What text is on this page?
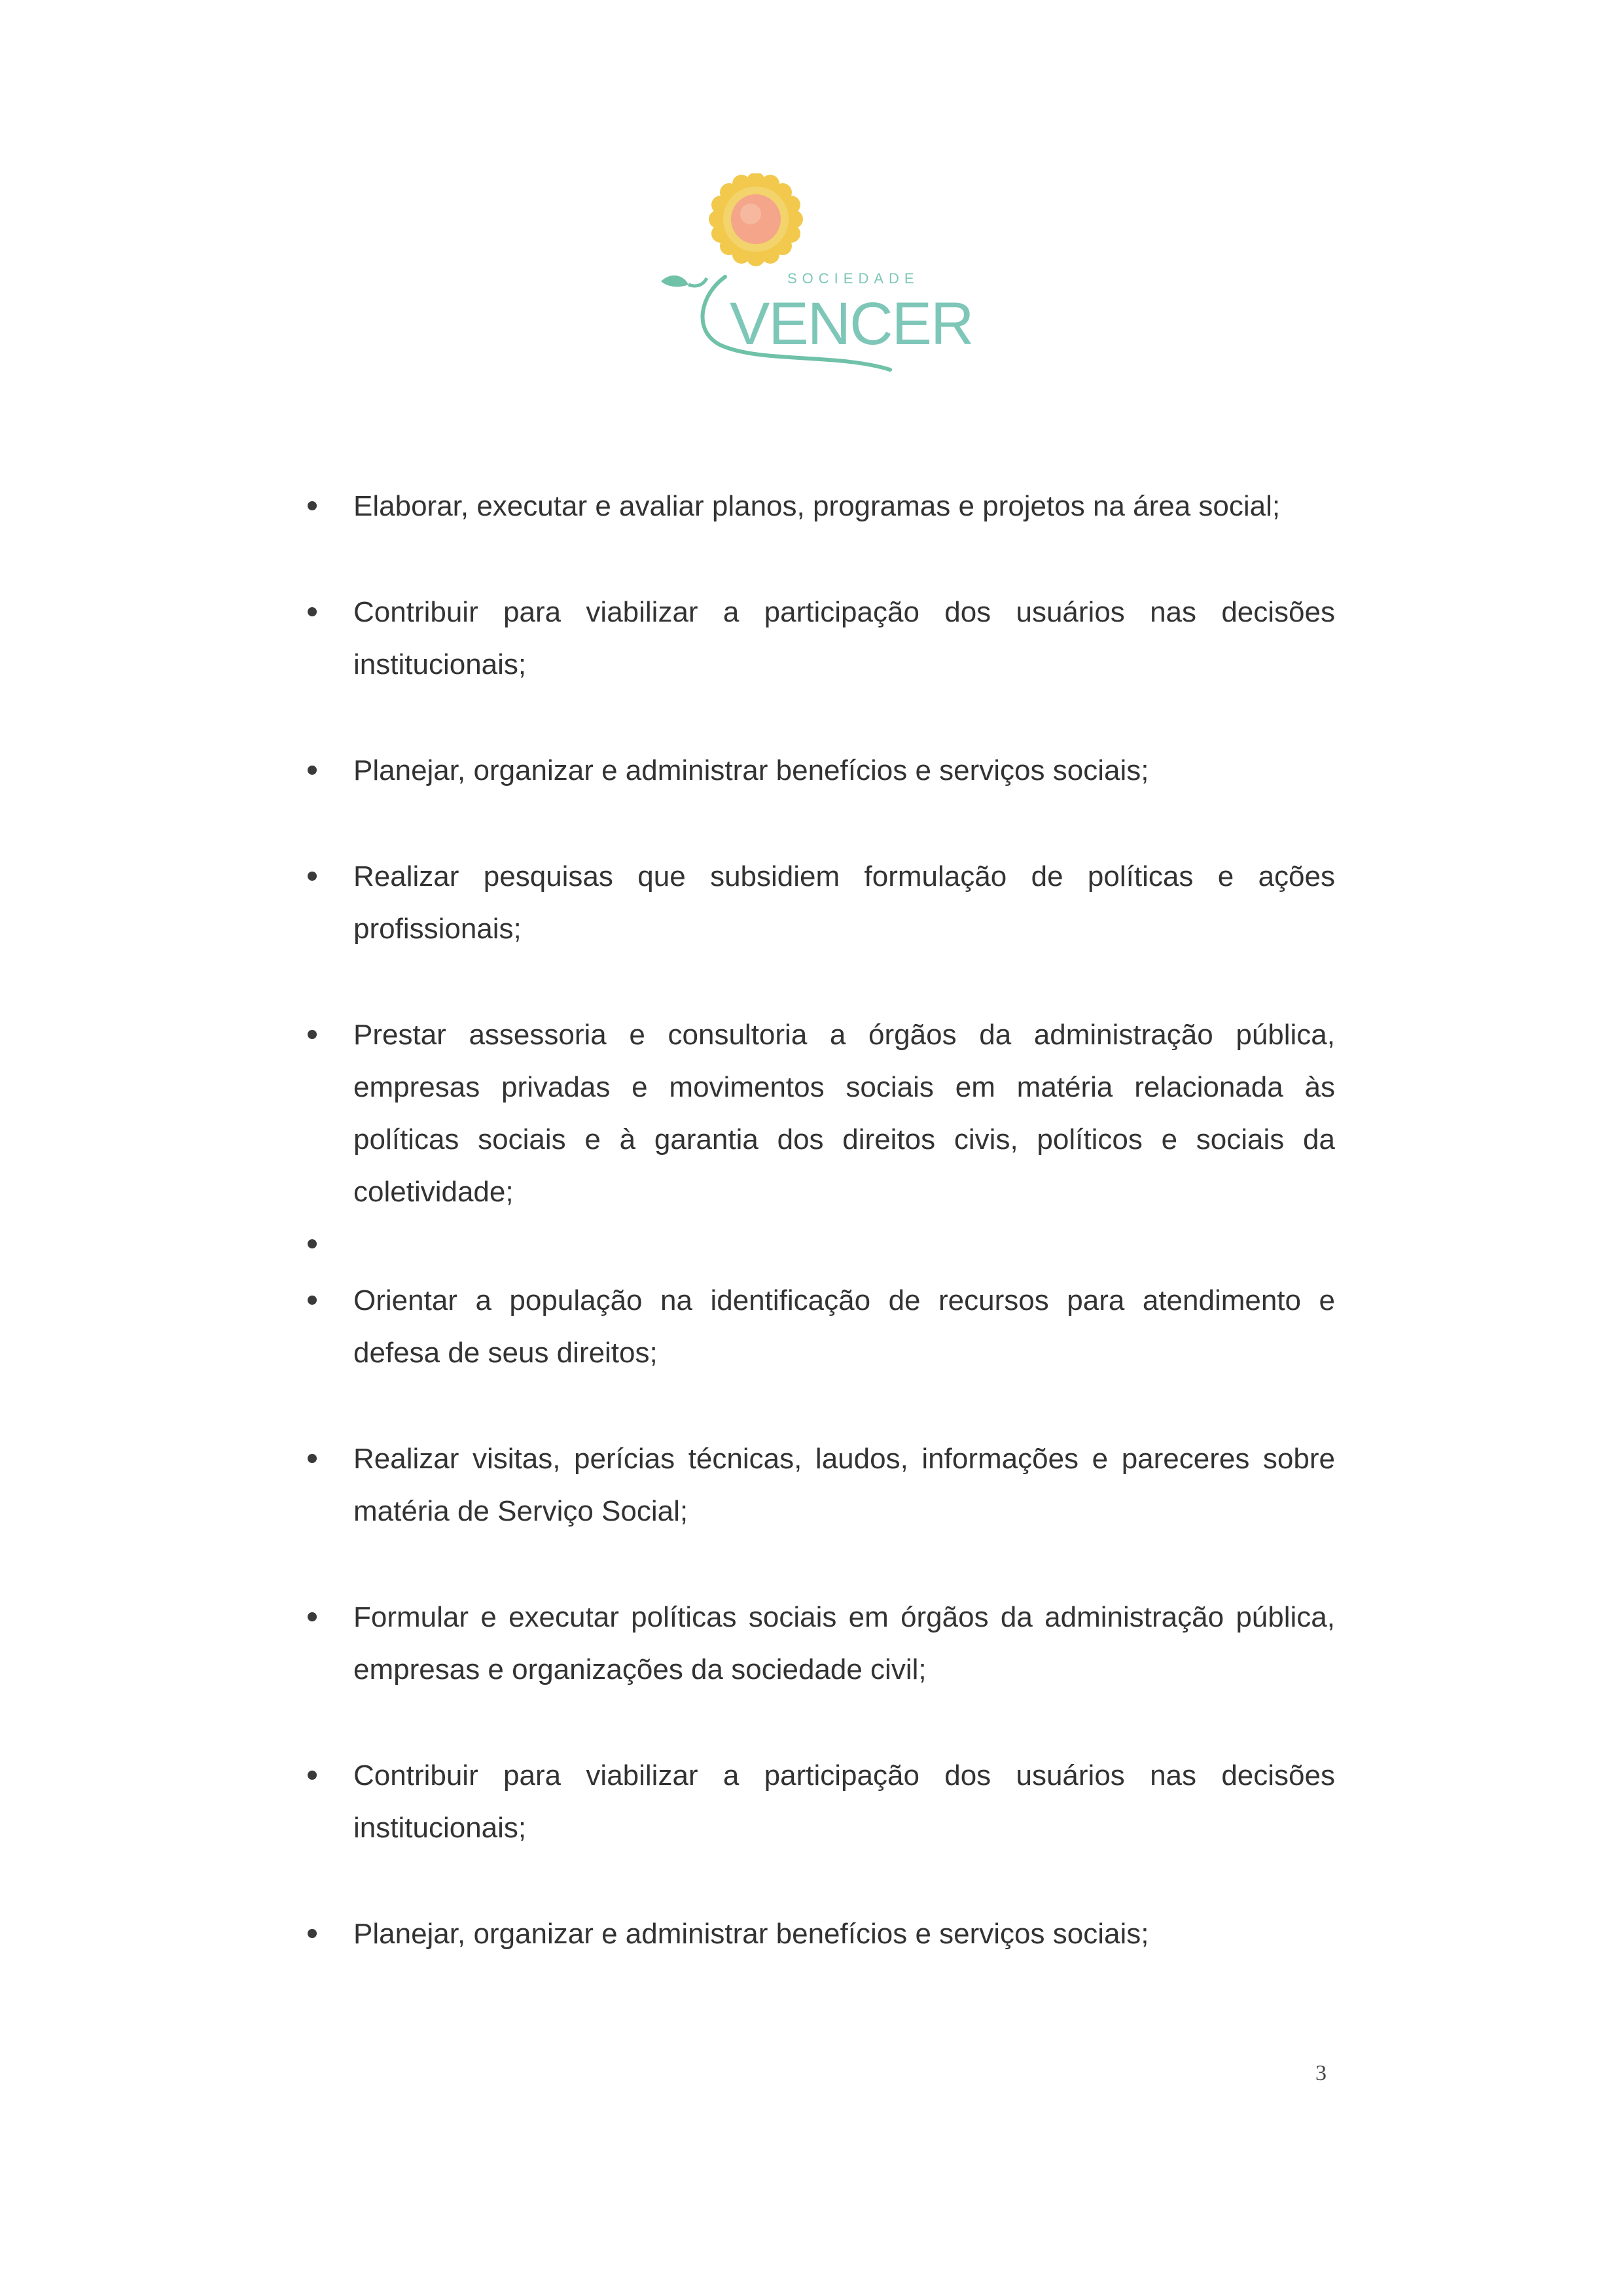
SOCIEDADE
VENCER
Elaborar, executar e avaliar planos, programas e projetos na área social;
Contribuir para viabilizar a participação dos usuários nas decisões institucionais;
Planejar, organizar e administrar benefícios e serviços sociais;
Realizar pesquisas que subsidiem formulação de políticas e ações profissionais;
Prestar assessoria e consultoria a órgãos da administração pública, empresas privadas e movimentos sociais em matéria relacionada às políticas sociais e à garantia dos direitos civis, políticos e sociais da coletividade;
Orientar a população na identificação de recursos para atendimento e defesa de seus direitos;
Realizar visitas, perícias técnicas, laudos, informações e pareceres sobre matéria de Serviço Social;
Formular e executar políticas sociais em órgãos da administração pública, empresas e organizações da sociedade civil;
Contribuir para viabilizar a participação dos usuários nas decisões institucionais;
Planejar, organizar e administrar benefícios e serviços sociais;
3
